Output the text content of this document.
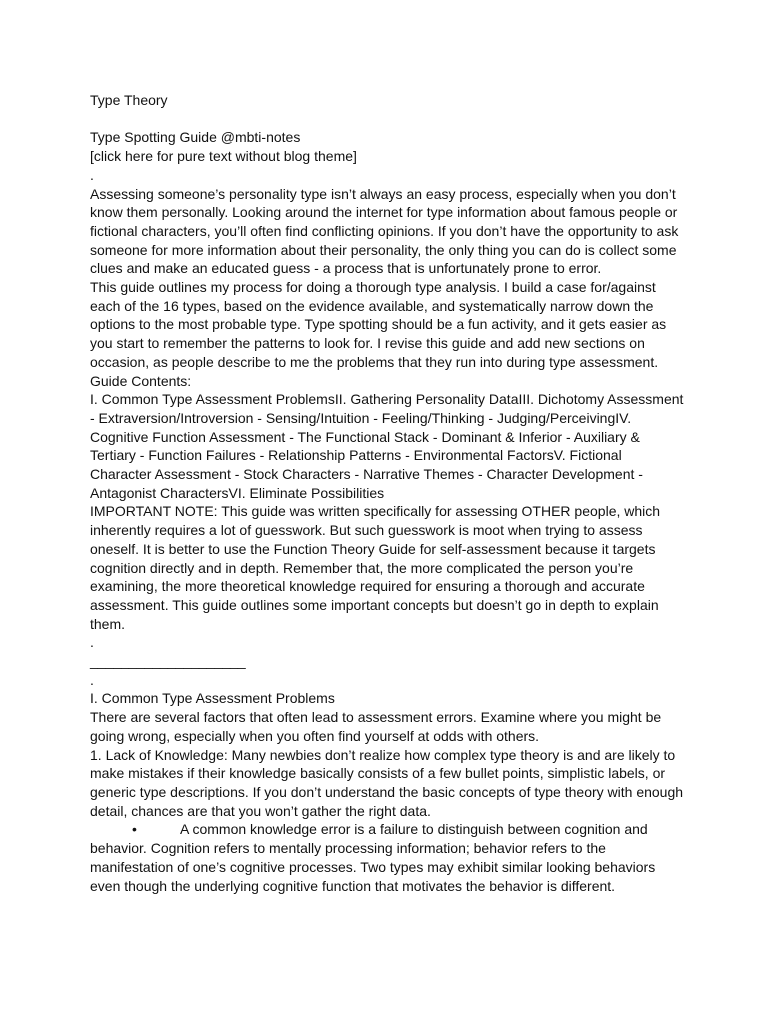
Type Theory

Type Spotting Guide @mbti-notes

[click here for pure text without blog theme]

.

Assessing someone’s personality type isn’t always an easy process, especially when you don’t know them personally. Looking around the internet for type information about famous people or fictional characters, you’ll often find conflicting opinions. If you don’t have the opportunity to ask someone for more information about their personality, the only thing you can do is collect some clues and make an educated guess - a process that is unfortunately prone to error.

This guide outlines my process for doing a thorough type analysis. I build a case for/against each of the 16 types, based on the evidence available, and systematically narrow down the options to the most probable type. Type spotting should be a fun activity, and it gets easier as you start to remember the patterns to look for. I revise this guide and add new sections on occasion, as people describe to me the problems that they run into during type assessment.

Guide Contents:

I. Common Type Assessment ProblemsII. Gathering Personality DataIII. Dichotomy Assessment - Extraversion/Introversion - Sensing/Intuition - Feeling/Thinking - Judging/PerceivingIV. Cognitive Function Assessment - The Functional Stack - Dominant & Inferior - Auxiliary & Tertiary - Function Failures - Relationship Patterns - Environmental FactorsV. Fictional Character Assessment - Stock Characters - Narrative Themes - Character Development - Antagonist CharactersVI. Eliminate Possibilities

IMPORTANT NOTE: This guide was written specifically for assessing OTHER people, which inherently requires a lot of guesswork. But such guesswork is moot when trying to assess oneself. It is better to use the Function Theory Guide for self-assessment because it targets cognition directly and in depth. Remember that, the more complicated the person you’re examining, the more theoretical knowledge required for ensuring a thorough and accurate assessment. This guide outlines some important concepts but doesn’t go in depth to explain them.

.

____________________

.

I. Common Type Assessment Problems

There are several factors that often lead to assessment errors. Examine where you might be going wrong, especially when you often find yourself at odds with others.

1. Lack of Knowledge: Many newbies don’t realize how complex type theory is and are likely to make mistakes if their knowledge basically consists of a few bullet points, simplistic labels, or generic type descriptions. If you don’t understand the basic concepts of type theory with enough detail, chances are that you won’t gather the right data.

•	A common knowledge error is a failure to distinguish between cognition and behavior. Cognition refers to mentally processing information; behavior refers to the manifestation of one’s cognitive processes. Two types may exhibit similar looking behaviors even though the underlying cognitive function that motivates the behavior is different.
